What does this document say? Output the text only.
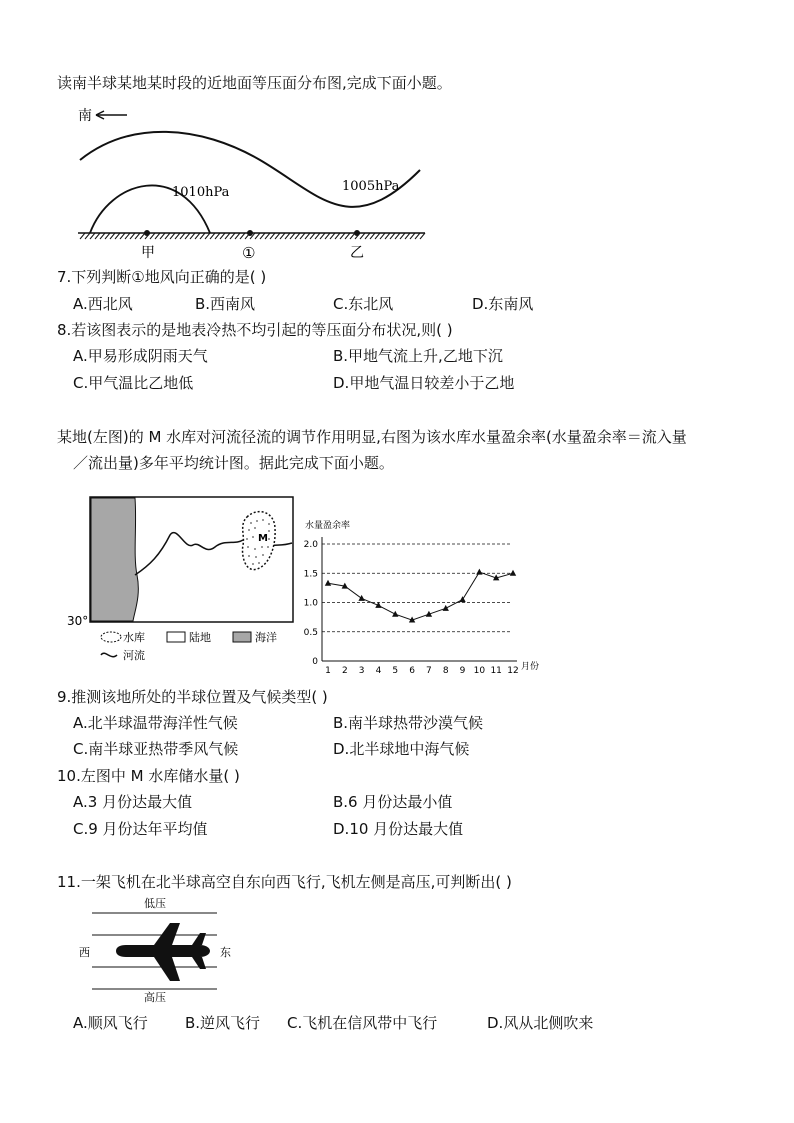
读南半球某地某时段的近地面等压面分布图,完成下面小题。
南
1010hPa	1005hPa
甲	①	乙
7.下列判断①地风向正确的是( )
A.西北风	B.西南风	C.东北风	D.东南风
8.若该图表示的是地表冷热不均引起的等压面分布状况,则( )
A.甲易形成阴雨天气	B.甲地气流上升,乙地下沉
C.甲气温比乙地低	D.甲地气温日较差小于乙地
某地(左图)的 M 水库对河流径流的调节作用明显,右图为该水库水量盈余率(水量盈余率＝流入量
／流出量)多年平均统计图。据此完成下面小题。
M
30°
水库	陆地	海洋
河流
水量盈余率
0
0.5
1.0
1.5
2.0
1 2 3 4 5 6 7 8 9 10 11 12 月份
9.推测该地所处的半球位置及气候类型( )
A.北半球温带海洋性气候	B.南半球热带沙漠气候
C.南半球亚热带季风气候	D.北半球地中海气候
10.左图中 M 水库储水量( )
A.3 月份达最大值	B.6 月份达最小值
C.9 月份达年平均值	D.10 月份达最大值
11.一架飞机在北半球高空自东向西飞行,飞机左侧是高压,可判断出( )
低压
西	东
高压
A.顺风飞行 B.逆风飞行 C.飞机在信风带中飞行	D.风从北侧吹来
